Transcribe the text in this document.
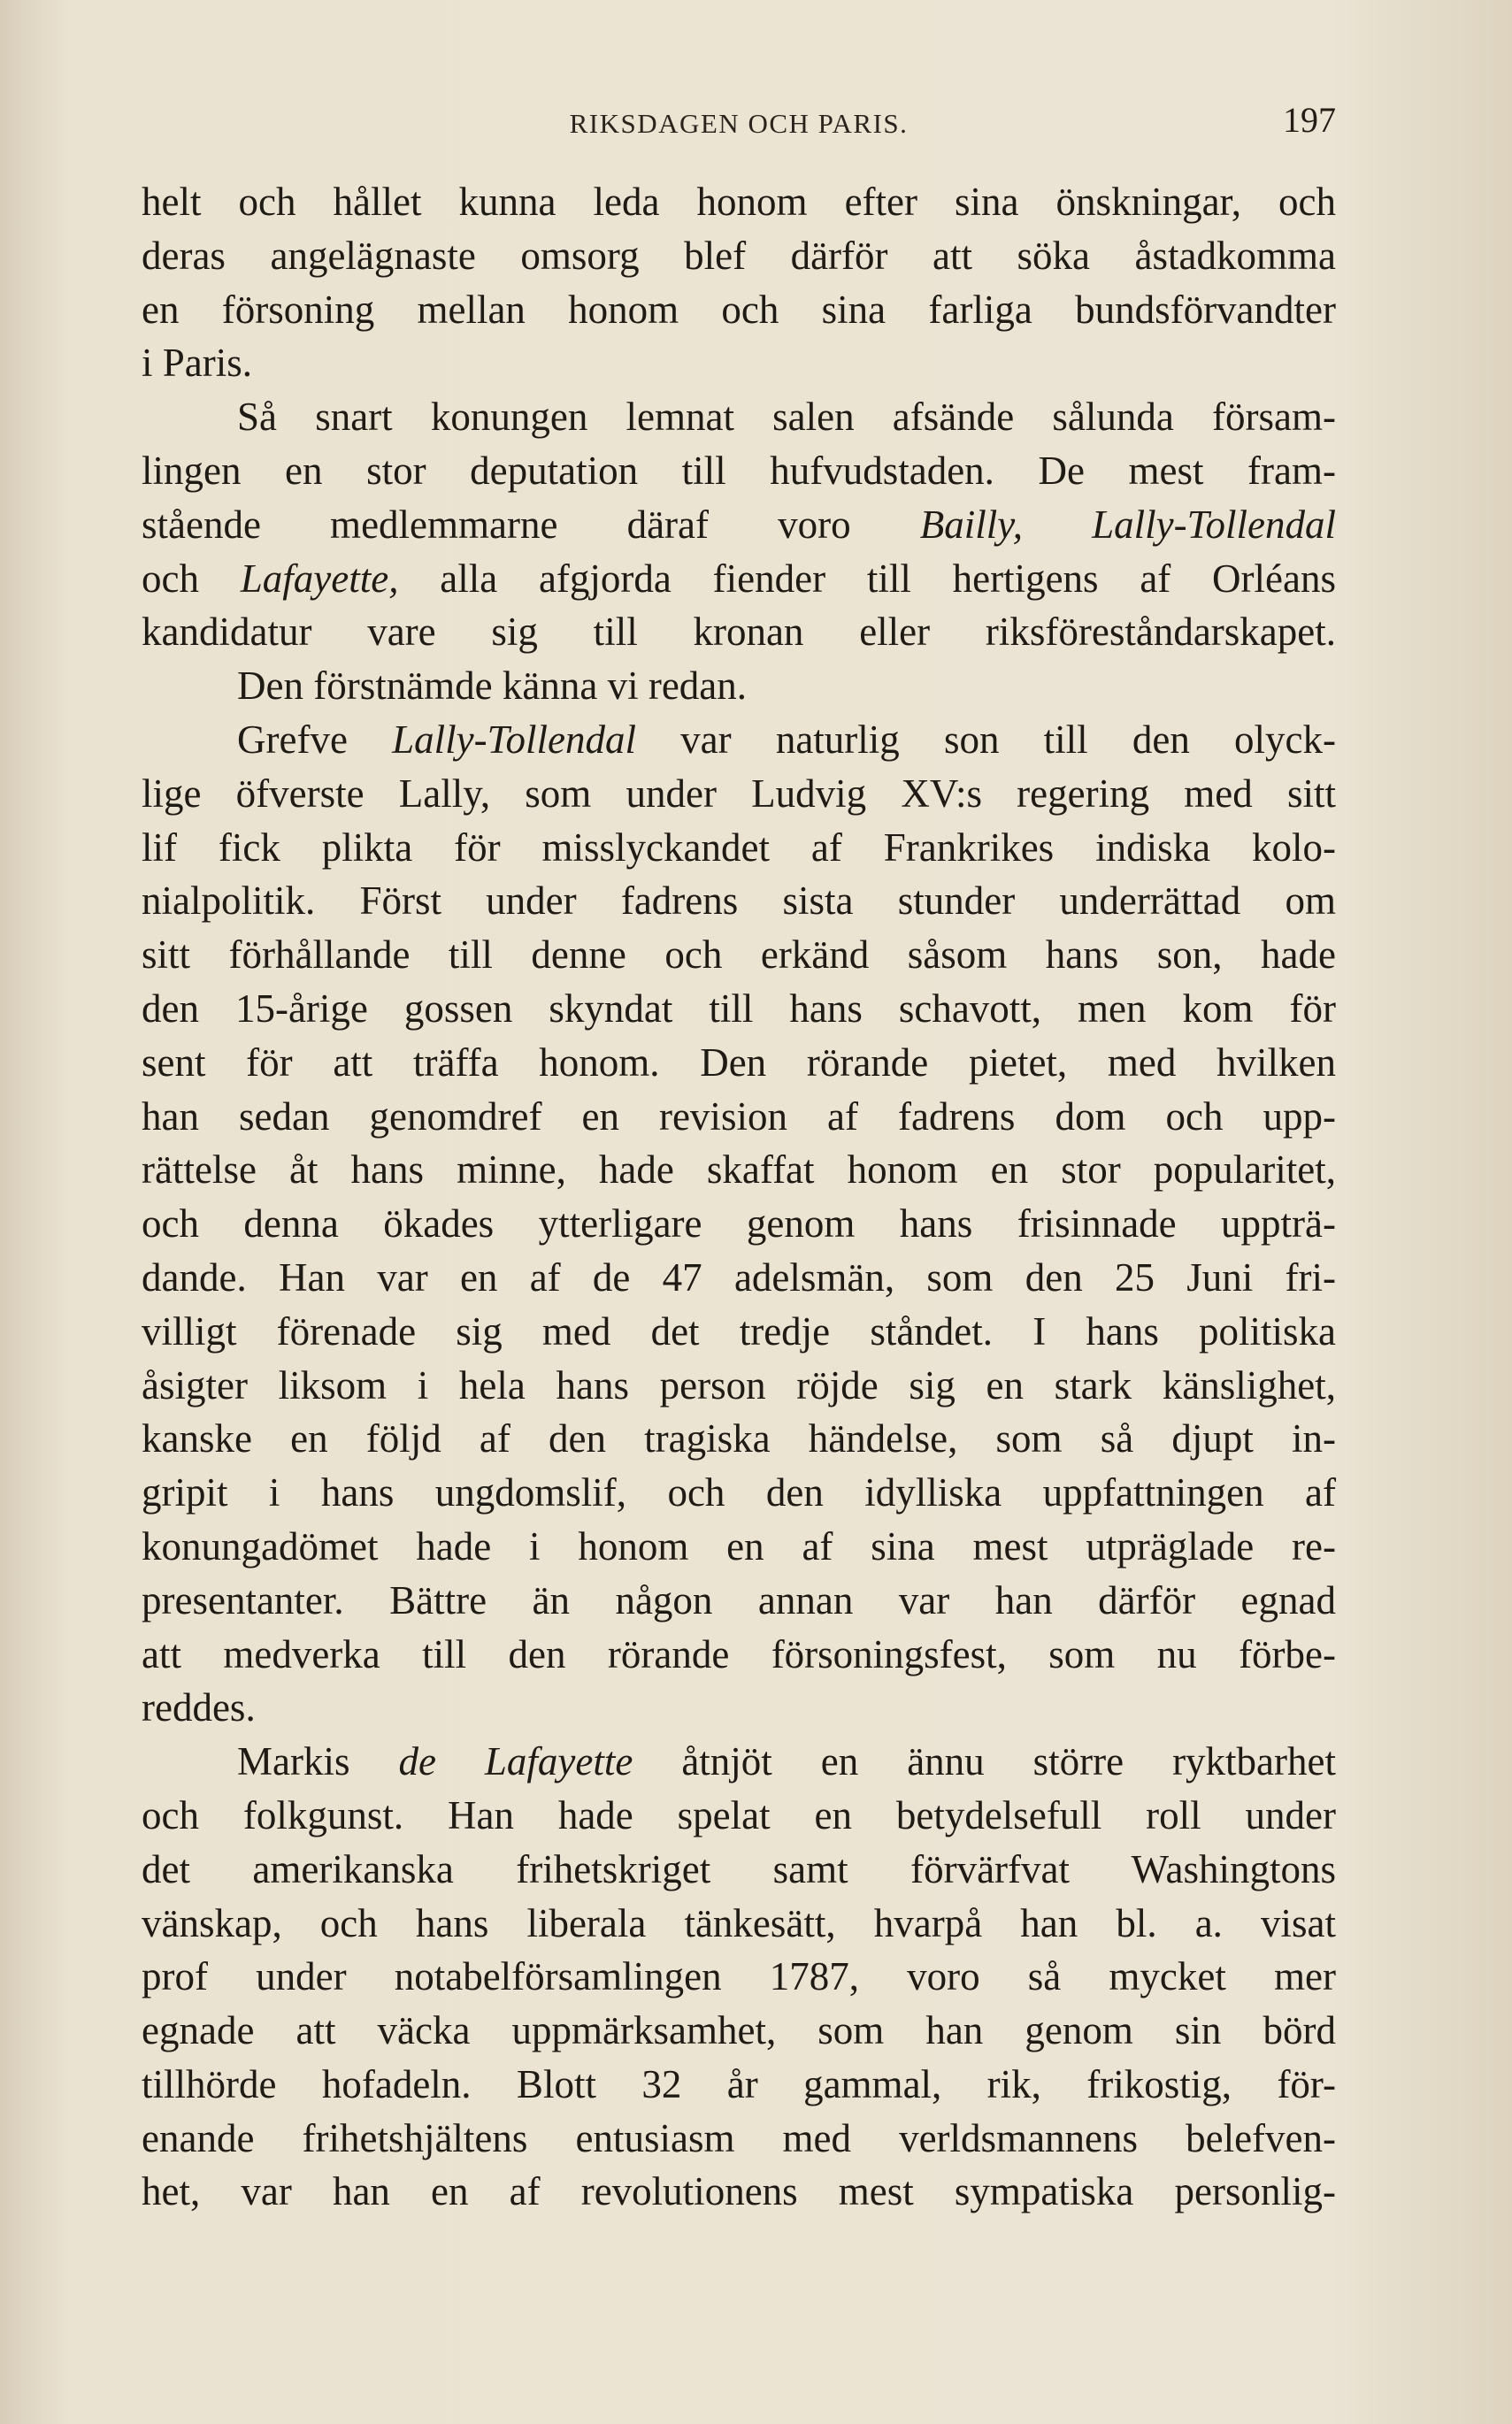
RIKSDAGEN OCH PARIS.	197
helt och hållet kunna leda honom efter sina önskningar, och
deras angelägnaste omsorg blef därför att söka åstadkomma
en försoning mellan honom och sina farliga bundsförvandter
i Paris.
Så snart konungen lemnat salen afsände sålunda försam-
lingen en stor deputation till hufvudstaden. De mest fram-
stående medlemmarne däraf voro Bailly, Lally-Tollendal
och Lafayette, alla afgjorda fiender till hertigens af Orléans
kandidatur vare sig till kronan eller riksföreståndarskapet.
Den förstnämde känna vi redan.
Grefve Lally-Tollendal var naturlig son till den olyck-
lige öfverste Lally, som under Ludvig XV:s regering med sitt
lif fick plikta för misslyckandet af Frankrikes indiska kolo-
nialpolitik. Först under fadrens sista stunder underrättad om
sitt förhållande till denne och erkänd såsom hans son, hade
den 15-årige gossen skyndat till hans schavott, men kom för
sent för att träffa honom. Den rörande pietet, med hvilken
han sedan genomdref en revision af fadrens dom och upp-
rättelse åt hans minne, hade skaffat honom en stor popularitet,
och denna ökades ytterligare genom hans frisinnade uppträ-
dande. Han var en af de 47 adelsmän, som den 25 Juni fri-
villigt förenade sig med det tredje ståndet. I hans politiska
åsigter liksom i hela hans person röjde sig en stark känslighet,
kanske en följd af den tragiska händelse, som så djupt in-
gripit i hans ungdomslif, och den idylliska uppfattningen af
konungadömet hade i honom en af sina mest utpräglade re-
presentanter. Bättre än någon annan var han därför egnad
att medverka till den rörande försoningsfest, som nu förbe-
reddes.
Markis de Lafayette åtnjöt en ännu större ryktbarhet
och folkgunst. Han hade spelat en betydelsefull roll under
det amerikanska frihetskriget samt förvärfvat Washingtons
vänskap, och hans liberala tänkesätt, hvarpå han bl. a. visat
prof under notabelförsamlingen 1787, voro så mycket mer
egnade att väcka uppmärksamhet, som han genom sin börd
tillhörde hofadeln. Blott 32 år gammal, rik, frikostig, för-
enande frihetshjältens entusiasm med verldsmannens belefven-
het, var han en af revolutionens mest sympatiska personlig-
